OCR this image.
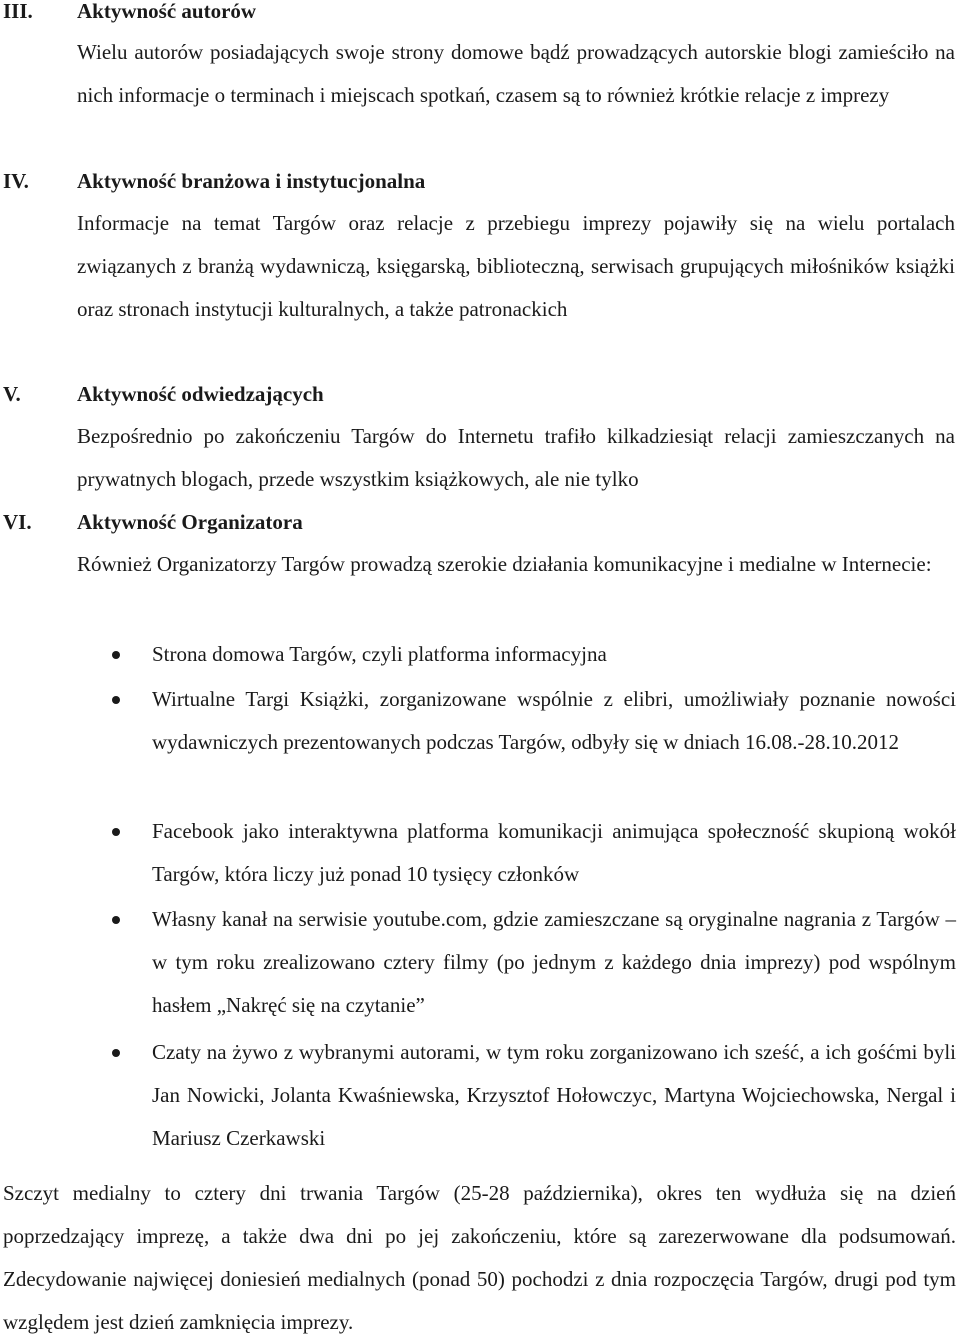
III. Aktywność autorów
Wielu autorów posiadających swoje strony domowe bądź prowadzących autorskie blogi zamieściło na nich informacje o terminach i miejscach spotkań, czasem są to również krótkie relacje z imprezy
IV. Aktywność branżowa i instytucjonalna
Informacje na temat Targów oraz relacje z przebiegu imprezy pojawiły się na wielu portalach związanych z branżą wydawniczą, księgarską, biblioteczną, serwisach grupujących miłośników książki oraz stronach instytucji kulturalnych, a także patronackich
V.	Aktywność odwiedzających
Bezpośrednio po zakończeniu Targów do Internetu trafiło kilkadziesiąt relacji zamieszczanych na prywatnych blogach, przede wszystkim książkowych, ale nie tylko
VI. Aktywność Organizatora
Również Organizatorzy Targów prowadzą szerokie działania komunikacyjne i medialne w Internecie:
Strona domowa Targów, czyli platforma informacyjna
Wirtualne Targi Książki, zorganizowane wspólnie z elibri, umożliwiały poznanie nowości wydawniczych prezentowanych podczas Targów, odbyły się w dniach 16.08.-28.10.2012
Facebook jako interaktywna platforma komunikacji animująca społeczność skupioną wokół Targów, która liczy już ponad 10 tysięcy członków
Własny kanał na serwisie youtube.com, gdzie zamieszczane są oryginalne nagrania z Targów – w tym roku zrealizowano cztery filmy (po jednym z każdego dnia imprezy) pod wspólnym hasłem „Nakręć się na czytanie”
Czaty na żywo z wybranymi autorami, w tym roku zorganizowano ich sześć, a ich gośćmi byli Jan Nowicki, Jolanta Kwaśniewska, Krzysztof Hołowczyc, Martyna Wojciechowska, Nergal i Mariusz Czerkawski
Szczyt medialny to cztery dni trwania Targów (25-28 października), okres ten wydłuża się na dzień poprzedzający imprezę, a także dwa dni po jej zakończeniu, które są zarezerwowane dla podsumowań. Zdecydowanie najwięcej doniesień medialnych (ponad 50) pochodzi z dnia rozpoczęcia Targów, drugi pod tym względem jest dzień zamknięcia imprezy.
